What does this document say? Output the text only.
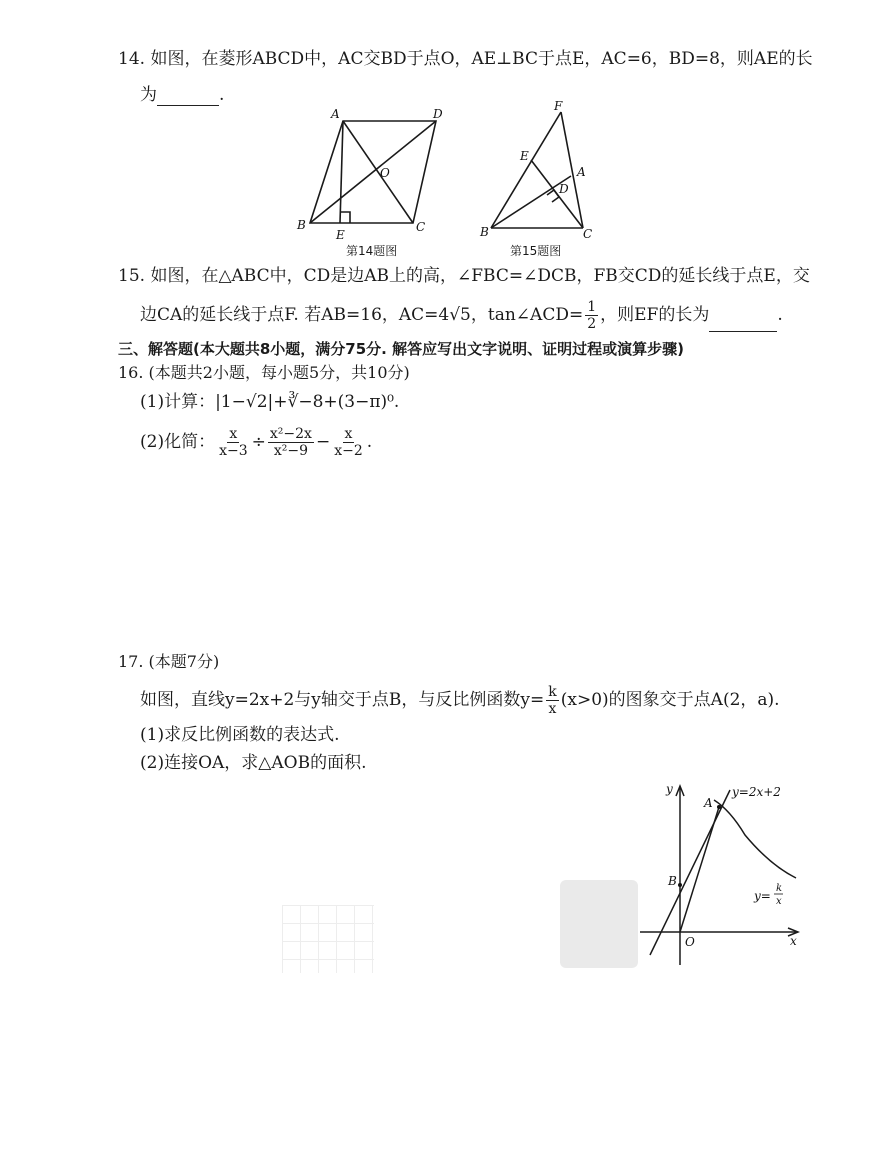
14. 如图，在菱形ABCD中，AC交BD于点O，AE⊥BC于点E，AC=6，BD=8，则AE的长
为	.
A	D
O
B	C
E
第14题图
F
E
A
D
B	C
第15题图
15. 如图，在△ABC中，CD是边AB上的高，∠FBC=∠DCB，FB交CD的延长线于点E，交
边CA的延长线于点F. 若AB=16，AC=4√5，tan∠ACD= $\frac{1}{2}$ ，则EF的长为	.
三、解答题(本大题共8小题，满分75分. 解答应写出文字说明、证明过程或演算步骤)
16. (本题共2小题，每小题5分，共10分)
(1)计算：|1−√2|+∛−8+(3−π)⁰.
(2)化简： $\frac{x}{x-3} \div \frac{\text{x²−2x}}{\text{x²−9}} - \frac{x}{x-2}$ .
17. (本题7分)
如图，直线y=2x+2与y轴交于点B，与反比例函数$y= \frac{k}{x} (x>0)$的图象交于点A(2，a).
(1)求反比例函数的表达式.
(2)连接OA，求△AOB的面积.
y
x
O
A
B
y=2x+2
y=
k
x
